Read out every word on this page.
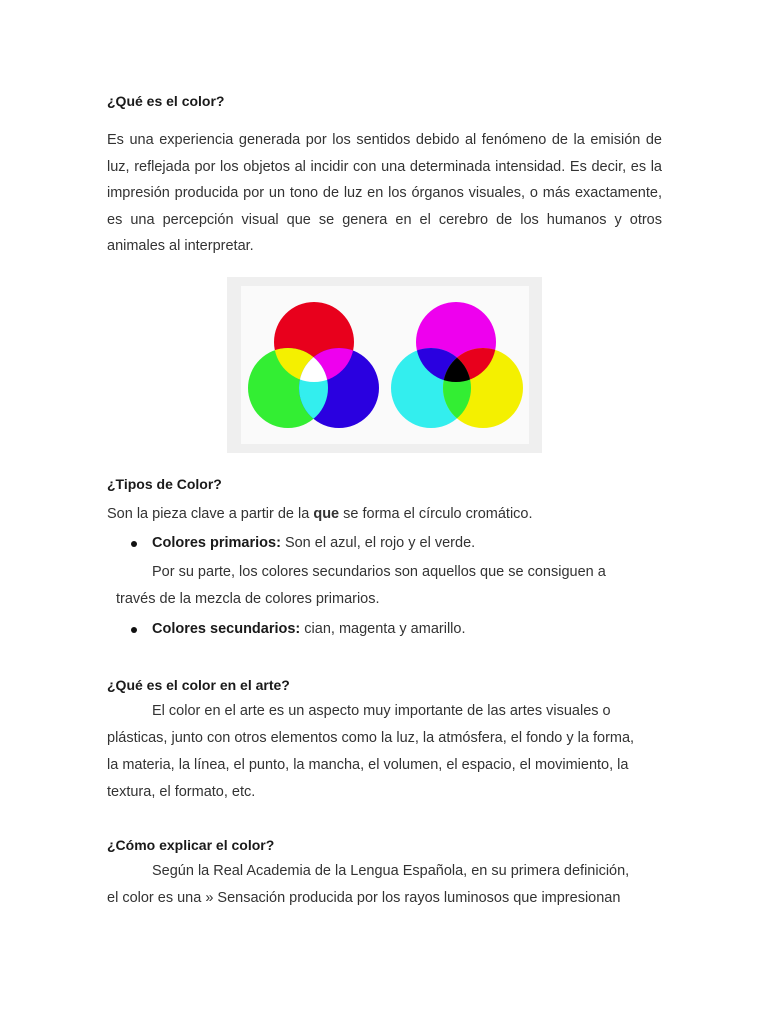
¿Qué es el color?
Es una experiencia generada por los sentidos debido al fenómeno de la emisión de luz, reflejada por los objetos al incidir con una determinada intensidad. Es decir, es la impresión producida por un tono de luz en los órganos visuales, o más exactamente, es una percepción visual que se genera en el cerebro de los humanos y otros animales al interpretar.
¿Tipos de Color?
Son la pieza clave a partir de la que se forma el círculo cromático.
Colores primarios: Son el azul, el rojo y el verde.
Por su parte, los colores secundarios son aquellos que se consiguen a
través de la mezcla de colores primarios.
Colores secundarios: cian, magenta y amarillo.
¿Qué es el color en el arte?
El color en el arte es un aspecto muy importante de las artes visuales o
plásticas, junto con otros elementos como la luz, la atmósfera, el fondo y la forma,
la materia, la línea, el punto, la mancha, el volumen, el espacio, el movimiento, la
textura, el formato, etc.
¿Cómo explicar el color?
Según la Real Academia de la Lengua Española, en su primera definición,
el color es una » Sensación producida por los rayos luminosos que impresionan
